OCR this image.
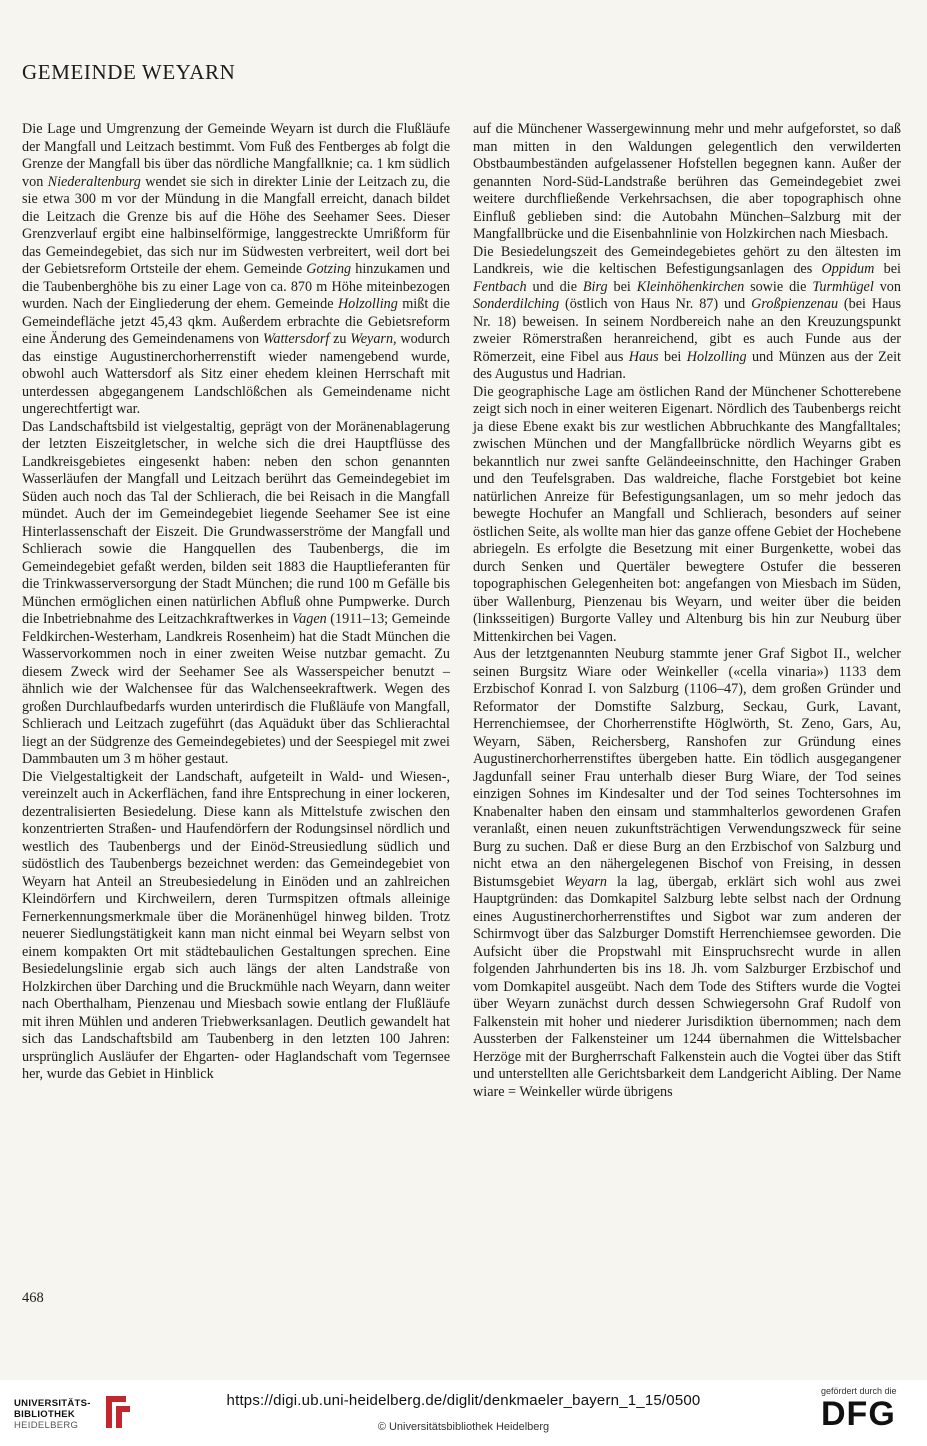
GEMEINDE WEYARN

Die Lage und Umgrenzung der Gemeinde Weyarn ist durch die Flußläufe der Mangfall und Leitzach bestimmt. Vom Fuß des Fentberges ab folgt die Grenze der Mangfall bis über das nördliche Mangfallknie; ca. 1 km südlich von Niederaltenburg wendet sie sich in direkter Linie der Leitzach zu, die sie etwa 300 m vor der Mündung in die Mangfall erreicht, danach bildet die Leitzach die Grenze bis auf die Höhe des Seehamer Sees. Dieser Grenzverlauf ergibt eine halbinselförmige, langgestreckte Umrißform für das Gemeindegebiet, das sich nur im Südwesten verbreitert, weil dort bei der Gebietsreform Ortsteile der ehem. Gemeinde Gotzing hinzukamen und die Taubenberghöhe bis zu einer Lage von ca. 870 m Höhe miteinbezogen wurden. Nach der Eingliederung der ehem. Gemeinde Holzolling mißt die Gemeindefläche jetzt 45,43 qkm. Außerdem erbrachte die Gebietsreform eine Änderung des Gemeindenamens von Wattersdorf zu Weyarn, wodurch das einstige Augustinerchorherrenstift wieder namengebend wurde, obwohl auch Wattersdorf als Sitz einer ehedem kleinen Herrschaft mit unterdessen abgegangenem Landschlößchen als Gemeindename nicht ungerechtfertigt war.

Das Landschaftsbild ist vielgestaltig, geprägt von der Moränenablagerung der letzten Eiszeitgletscher, in welche sich die drei Hauptflüsse des Landkreisgebietes eingesenkt haben: neben den schon genannten Wasserläufen der Mangfall und Leitzach berührt das Gemeindegebiet im Süden auch noch das Tal der Schlierach, die bei Reisach in die Mangfall mündet. Auch der im Gemeindegebiet liegende Seehamer See ist eine Hinterlassenschaft der Eiszeit. Die Grundwasserströme der Mangfall und Schlierach sowie die Hangquellen des Taubenbergs, die im Gemeindegebiet gefaßt werden, bilden seit 1883 die Hauptlieferanten für die Trinkwasserversorgung der Stadt München; die rund 100 m Gefälle bis München ermöglichen einen natürlichen Abfluß ohne Pumpwerke. Durch die Inbetriebnahme des Leitzachkraftwerkes in Vagen (1911–13; Gemeinde Feldkirchen-Westerham, Landkreis Rosenheim) hat die Stadt München die Wasservorkommen noch in einer zweiten Weise nutzbar gemacht. Zu diesem Zweck wird der Seehamer See als Wasserspeicher benutzt – ähnlich wie der Walchensee für das Walchenseekraftwerk. Wegen des großen Durchlaufbedarfs wurden unterirdisch die Flußläufe von Mangfall, Schlierach und Leitzach zugeführt (das Aquädukt über das Schlierachtal liegt an der Südgrenze des Gemeindegebietes) und der Seespiegel mit zwei Dammbauten um 3 m höher gestaut.

Die Vielgestaltigkeit der Landschaft, aufgeteilt in Wald- und Wiesen-, vereinzelt auch in Ackerflächen, fand ihre Entsprechung in einer lockeren, dezentralisierten Besiedelung. Diese kann als Mittelstufe zwischen den konzentrierten Straßen- und Haufendörfern der Rodungsinsel nördlich und westlich des Taubenbergs und der Einöd-Streusiedlung südlich und südöstlich des Taubenbergs bezeichnet werden: das Gemeindegebiet von Weyarn hat Anteil an Streubesiedelung in Einöden und an zahlreichen Kleindörfern und Kirchweilern, deren Turmspitzen oftmals alleinige Fernerkennungsmerkmale über die Moränenhügel hinweg bilden. Trotz neuerer Siedlungstätigkeit kann man nicht einmal bei Weyarn selbst von einem kompakten Ort mit städtebaulichen Gestaltungen sprechen. Eine Besiedelungslinie ergab sich auch längs der alten Landstraße von Holzkirchen über Darching und die Bruckmühle nach Weyarn, dann weiter nach Oberthalham, Pienzenau und Miesbach sowie entlang der Flußläufe mit ihren Mühlen und anderen Triebwerksanlagen. Deutlich gewandelt hat sich das Landschaftsbild am Taubenberg in den letzten 100 Jahren: ursprünglich Ausläufer der Ehgarten- oder Haglandschaft vom Tegernsee her, wurde das Gebiet in Hinblick

auf die Münchener Wassergewinnung mehr und mehr aufgeforstet, so daß man mitten in den Waldungen gelegentlich den verwilderten Obstbaumbeständen aufgelassener Hofstellen begegnen kann. Außer der genannten Nord-Süd-Landstraße berühren das Gemeindegebiet zwei weitere durchfließende Verkehrsachsen, die aber topographisch ohne Einfluß geblieben sind: die Autobahn München–Salzburg mit der Mangfallbrücke und die Eisenbahnlinie von Holzkirchen nach Miesbach.

Die Besiedelungszeit des Gemeindegebietes gehört zu den ältesten im Landkreis, wie die keltischen Befestigungsanlagen des Oppidum bei Fentbach und die Birg bei Kleinhöhenkirchen sowie die Turmhügel von Sonderdilching (östlich von Haus Nr. 87) und Großpienzenau (bei Haus Nr. 18) beweisen. In seinem Nordbereich nahe an den Kreuzungspunkt zweier Römerstraßen heranreichend, gibt es auch Funde aus der Römerzeit, eine Fibel aus Haus bei Holzolling und Münzen aus der Zeit des Augustus und Hadrian.

Die geographische Lage am östlichen Rand der Münchener Schotterebene zeigt sich noch in einer weiteren Eigenart. Nördlich des Taubenbergs reicht ja diese Ebene exakt bis zur westlichen Abbruchkante des Mangfalltales; zwischen München und der Mangfallbrücke nördlich Weyarns gibt es bekanntlich nur zwei sanfte Geländeeinschnitte, den Hachinger Graben und den Teufelsgraben. Das waldreiche, flache Forstgebiet bot keine natürlichen Anreize für Befestigungsanlagen, um so mehr jedoch das bewegte Hochufer an Mangfall und Schlierach, besonders auf seiner östlichen Seite, als wollte man hier das ganze offene Gebiet der Hochebene abriegeln. Es erfolgte die Besetzung mit einer Burgenkette, wobei das durch Senken und Quertäler bewegtere Ostufer die besseren topographischen Gelegenheiten bot: angefangen von Miesbach im Süden, über Wallenburg, Pienzenau bis Weyarn, und weiter über die beiden (linksseitigen) Burgorte Valley und Altenburg bis hin zur Neuburg über Mittenkirchen bei Vagen.

Aus der letztgenannten Neuburg stammte jener Graf Sigbot II., welcher seinen Burgsitz Wiare oder Weinkeller («cella vinaria») 1133 dem Erzbischof Konrad I. von Salzburg (1106–47), dem großen Gründer und Reformator der Domstifte Salzburg, Seckau, Gurk, Lavant, Herrenchiemsee, der Chorherrenstifte Höglwörth, St. Zeno, Gars, Au, Weyarn, Säben, Reichersberg, Ranshofen zur Gründung eines Augustinerchorherrenstiftes übergeben hatte. Ein tödlich ausgegangener Jagdunfall seiner Frau unterhalb dieser Burg Wiare, der Tod seines einzigen Sohnes im Kindesalter und der Tod seines Tochtersohnes im Knabenalter haben den einsam und stammhalterlos gewordenen Grafen veranlaßt, einen neuen zukunftsträchtigen Verwendungszweck für seine Burg zu suchen. Daß er diese Burg an den Erzbischof von Salzburg und nicht etwa an den nähergelegenen Bischof von Freising, in dessen Bistumsgebiet Weyarn la lag, übergab, erklärt sich wohl aus zwei Hauptgründen: das Domkapitel Salzburg lebte selbst nach der Ordnung eines Augustinerchorherrenstiftes und Sigbot war zum anderen der Schirmvogt über das Salzburger Domstift Herrenchiemsee geworden. Die Aufsicht über die Propstwahl mit Einspruchsrecht wurde in allen folgenden Jahrhunderten bis ins 18. Jh. vom Salzburger Erzbischof und vom Domkapitel ausgeübt. Nach dem Tode des Stifters wurde die Vogtei über Weyarn zunächst durch dessen Schwiegersohn Graf Rudolf von Falkenstein mit hoher und niederer Jurisdiktion übernommen; nach dem Aussterben der Falkensteiner um 1244 übernahmen die Wittelsbacher Herzöge mit der Burgherrschaft Falkenstein auch die Vogtei über das Stift und unterstellten alle Gerichtsbarkeit dem Landgericht Aibling. Der Name wiare = Weinkeller würde übrigens

468
UNIVERSITÄTS-
BIBLIOTHEK
HEIDELBERG
https://digi.ub.uni-heidelberg.de/diglit/denkmaeler_bayern_1_15/0500
© Universitätsbibliothek Heidelberg
gefördert durch die
DFG
